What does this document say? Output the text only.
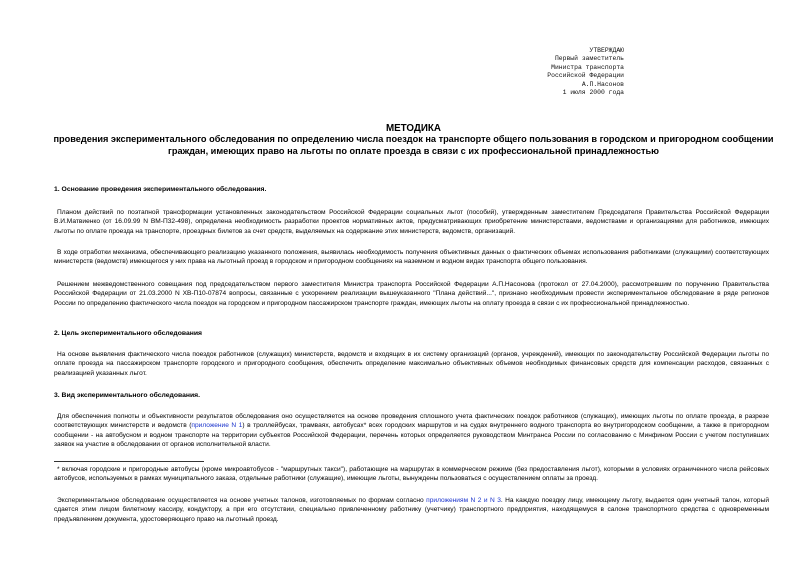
УТВЕРЖДАЮ
Первый заместитель
Министра транспорта
Российской Федерации
А.П.Насонов
1 июля 2000 года
МЕТОДИКА
проведения экспериментального обследования по определению числа поездок на транспорте общего пользования в городском и пригородном сообщении
граждан, имеющих право на льготы по оплате проезда в связи с их профессиональной принадлежностью
1. Основание проведения экспериментального обследования.
Планом действий по поэтапной трансформации установленных законодательством Российской Федерации социальных льгот (пособий), утвержденным заместителем Председателя Правительства Российской Федерации В.И.Матвиенко (от 16.09.99 N ВМ-П32-498), определена необходимость разработки проектов нормативных актов, предусматривающих приобретение министерствами, ведомствами и организациями для работников, имеющих льготы по оплате проезда на транспорте, проездных билетов за счет средств, выделяемых на содержание этих министерств, ведомств, организаций.
В ходе отработки механизма, обеспечивающего реализацию указанного положения, выявилась необходимость получения объективных данных о фактических объемах использования работниками (служащими) соответствующих министерств (ведомств) имеющегося у них права на льготный проезд в городском и пригородном сообщениях на наземном и водном видах транспорта общего пользования.
Решением межведомственного совещания под председательством первого заместителя Министра транспорта Российской Федерации А.П.Насонова (протокол от 27.04.2000), рассмотревшим по поручению Правительства Российской Федерации от 21.03.2000 N ХВ-П10-07874 вопросы, связанные с ускорением реализации вышеуказанного "Плана действий...", признано необходимым провести экспериментальное обследование в ряде регионов России по определению фактического числа поездок на городском и пригородном пассажирском транспорте граждан, имеющих льготы на оплату проезда в связи с их профессиональной принадлежностью.
2. Цель экспериментального обследования
На основе выявления фактического числа поездок работников (служащих) министерств, ведомств и входящих в их систему организаций (органов, учреждений), имеющих по законодательству Российской Федерации льготы по оплате проезда на пассажирском транспорте городского и пригородного сообщения, обеспечить определение максимально объективных объемов необходимых финансовых средств для компенсации расходов, связанных с реализацией указанных льгот.
3. Вид экспериментального обследования.
Для обеспечения полноты и объективности результатов обследования оно осуществляется на основе проведения сплошного учета фактических поездок работников (служащих), имеющих льготы по оплате проезда, в разрезе соответствующих министерств и ведомств (приложение N 1) в троллейбусах, трамваях, автобусах* всех городских маршрутов и на судах внутреннего водного транспорта во внутригородском сообщении, а также в пригородном сообщении - на автобусном и водном транспорте на территории субъектов Российской Федерации, перечень которых определяется руководством Минтранса России по согласованию с Минфином России с учетом поступивших заявок на участие в обследовании от органов исполнительной власти.
* включая городские и пригородные автобусы (кроме микроавтобусов - "маршрутных такси"), работающие на маршрутах в коммерческом режиме (без предоставления льгот), которыми в условиях ограниченного числа рейсовых автобусов, используемых в рамках муниципального заказа, отдельные работники (служащие), имеющие льготы, вынуждены пользоваться с осуществлением оплаты за проезд.
Экспериментальное обследование осуществляется на основе учетных талонов, изготовляемых по формам согласно приложениям N 2 и N 3. На каждую поездку лицу, имеющему льготу, выдается один учетный талон, который сдается этим лицом билетному кассиру, кондуктору, а при его отсутствии, специально привлеченному работнику (учетчику) транспортного предприятия, находящемуся в салоне транспортного средства с одновременным предъявлением документа, удостоверяющего право на льготный проезд.
